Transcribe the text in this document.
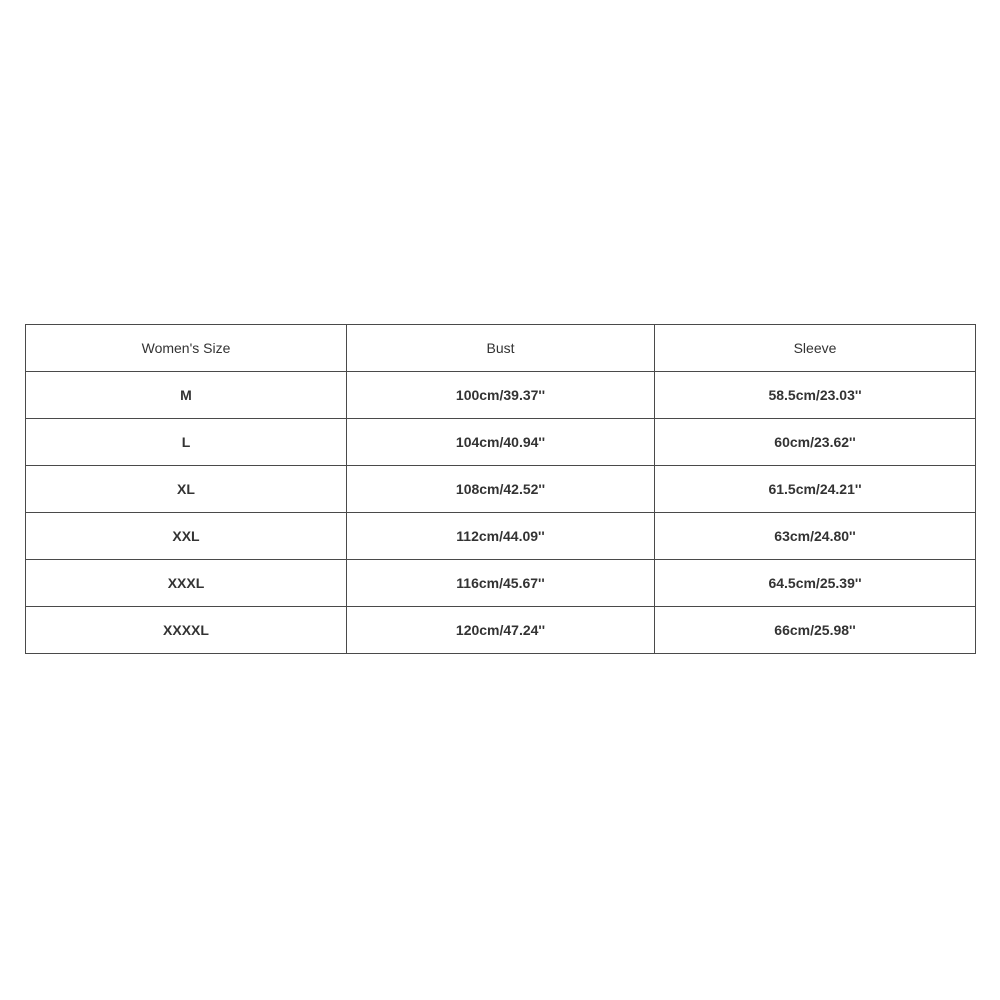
Women's Size	Bust	Sleeve
M	100cm/39.37''	58.5cm/23.03''
L	104cm/40.94''	60cm/23.62''
XL	108cm/42.52''	61.5cm/24.21''
XXL	112cm/44.09''	63cm/24.80''
XXXL	116cm/45.67''	64.5cm/25.39''
XXXXL	120cm/47.24''	66cm/25.98''
